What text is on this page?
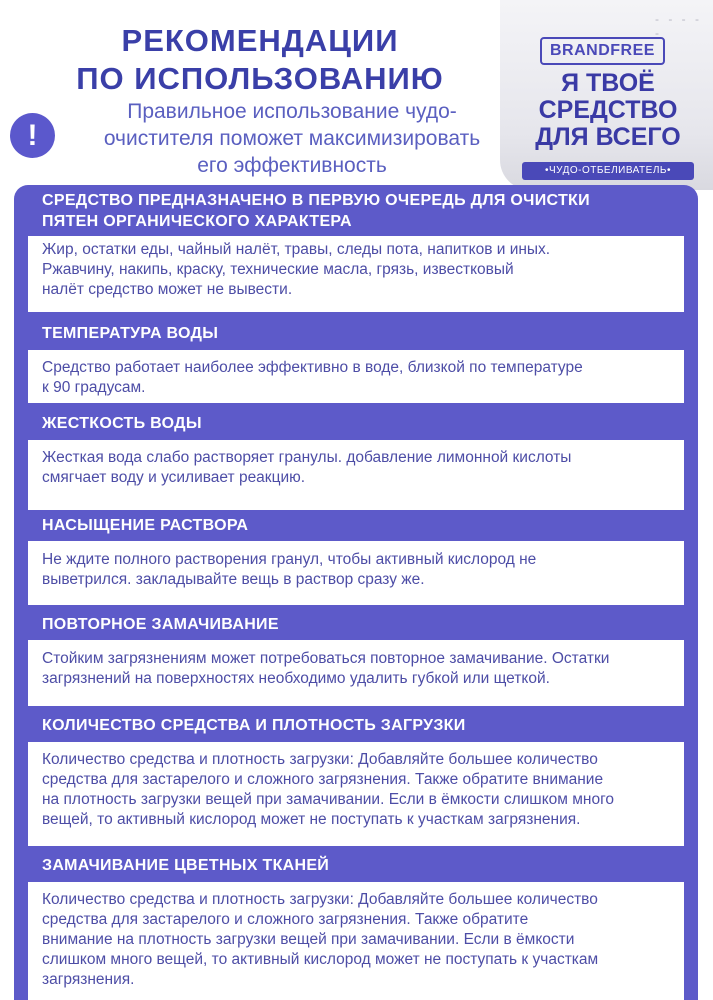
РЕКОМЕНДАЦИИ
ПО ИСПОЛЬЗОВАНИЮ
!
Правильное использование чудо-
очистителя поможет максимизировать
его эффективность
- - - - -
BRANDFREE
Я ТВОЁ
СРЕДСТВО
ДЛЯ ВСЕГО
•ЧУДО-ОТБЕЛИВАТЕЛЬ•
СРЕДСТВО ПРЕДНАЗНАЧЕНО В ПЕРВУЮ ОЧЕРЕДЬ ДЛЯ ОЧИСТКИ
ПЯТЕН ОРГАНИЧЕСКОГО ХАРАКТЕРА
Жир, остатки еды, чайный налёт, травы, следы пота, напитков и иных.
Ржавчину, накипь, краску, технические масла, грязь, известковый
налёт средство может не вывести.
ТЕМПЕРАТУРА ВОДЫ
Средство работает наиболее эффективно в воде, близкой по температуре
к 90 градусам.
ЖЕСТКОСТЬ ВОДЫ
Жесткая вода слабо растворяет гранулы. добавление лимонной кислоты
смягчает воду и усиливает реакцию.
НАСЫЩЕНИЕ РАСТВОРА
Не ждите полного растворения гранул, чтобы активный кислород не
выветрился. закладывайте вещь в раствор сразу же.
ПОВТОРНОЕ ЗАМАЧИВАНИЕ
Стойким загрязнениям может потребоваться повторное замачивание. Остатки
загрязнений на поверхностях необходимо удалить губкой или щеткой.
КОЛИЧЕСТВО СРЕДСТВА И ПЛОТНОСТЬ ЗАГРУЗКИ
Количество средства и плотность загрузки: Добавляйте большее количество
средства для застарелого и сложного загрязнения. Также обратите внимание
на плотность загрузки вещей при замачивании. Если в ёмкости слишком много
вещей, то активный кислород может не поступать к участкам загрязнения.
ЗАМАЧИВАНИЕ ЦВЕТНЫХ ТКАНЕЙ
Количество средства и плотность загрузки: Добавляйте большее количество
средства для застарелого и сложного загрязнения. Также обратите
внимание на плотность загрузки вещей при замачивании. Если в ёмкости
слишком много вещей, то активный кислород может не поступать к участкам
загрязнения.
